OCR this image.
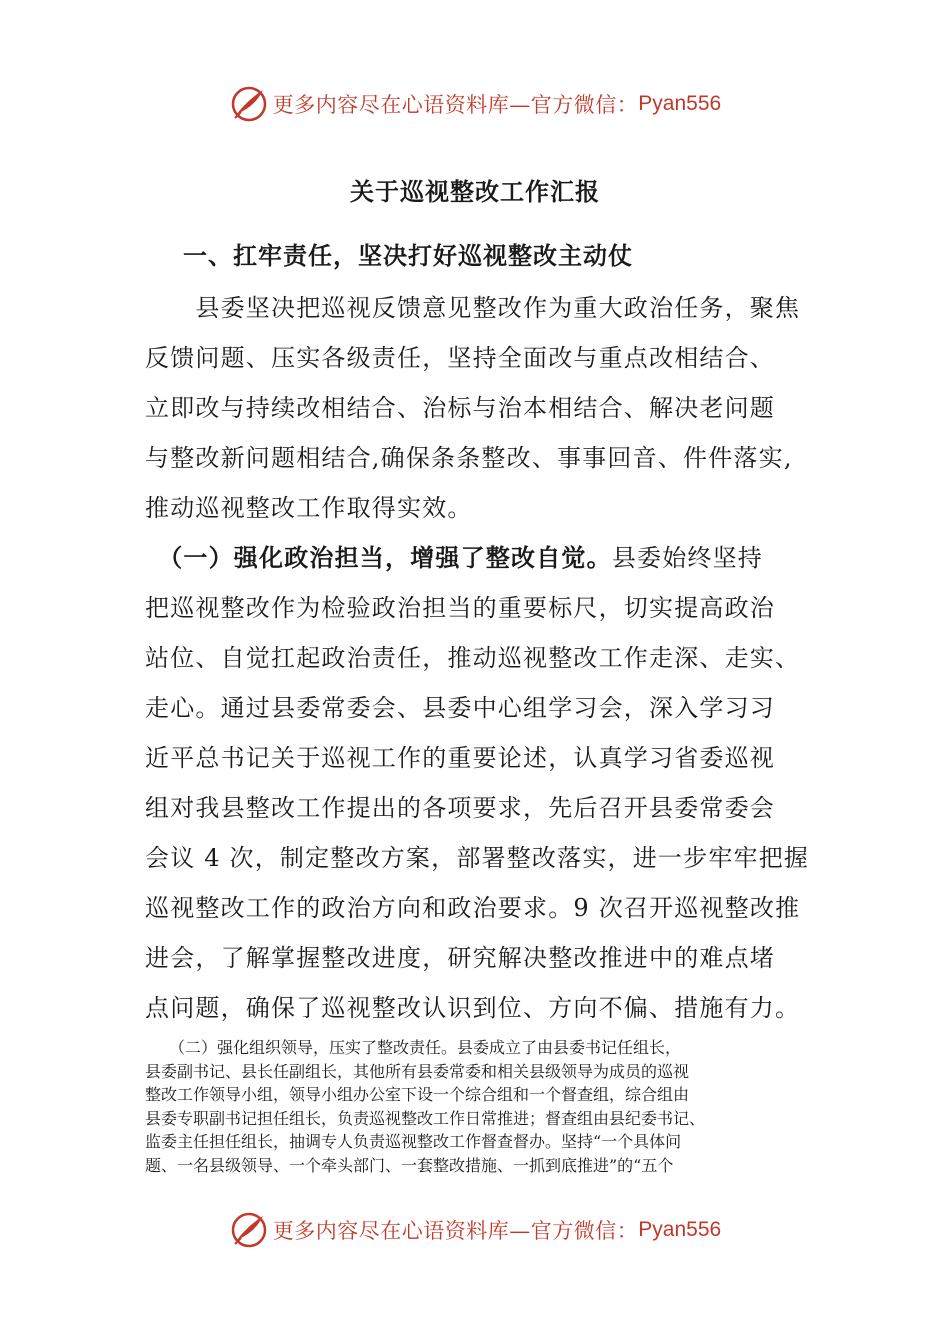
更多内容尽在心语资料库—官方微信： Pyan556
关于巡视整改工作汇报
一、扛牢责任，坚决打好巡视整改主动仗
　　县委坚决把巡视反馈意见整改作为重大政治任务，聚焦
反馈问题、压实各级责任，坚持全面改与重点改相结合、
立即改与持续改相结合、治标与治本相结合、解决老问题
与整改新问题相结合,确保条条整改、事事回音、件件落实,
推动巡视整改工作取得实效。
　（一）强化政治担当，增强了整改自觉。县委始终坚持
把巡视整改作为检验政治担当的重要标尺，切实提高政治
站位、自觉扛起政治责任，推动巡视整改工作走深、走实、
走心。通过县委常委会、县委中心组学习会，深入学习习
近平总书记关于巡视工作的重要论述，认真学习省委巡视
组对我县整改工作提出的各项要求，先后召开县委常委会
会议 4 次，制定整改方案，部署整改落实，进一步牢牢把握
巡视整改工作的政治方向和政治要求。9 次召开巡视整改推
进会，了解掌握整改进度，研究解决整改推进中的难点堵
点问题，确保了巡视整改认识到位、方向不偏、措施有力。
　　（二）强化组织领导，压实了整改责任。县委成立了由县委书记任组长，
县委副书记、县长任副组长，其他所有县委常委和相关县级领导为成员的巡视
整改工作领导小组，领导小组办公室下设一个综合组和一个督查组，综合组由
县委专职副书记担任组长，负责巡视整改工作日常推进；督查组由县纪委书记、
监委主任担任组长，抽调专人负责巡视整改工作督查督办。坚持“一个具体问
题、一名县级领导、一个牵头部门、一套整改措施、一抓到底推进”的“五个
更多内容尽在心语资料库—官方微信： Pyan556
